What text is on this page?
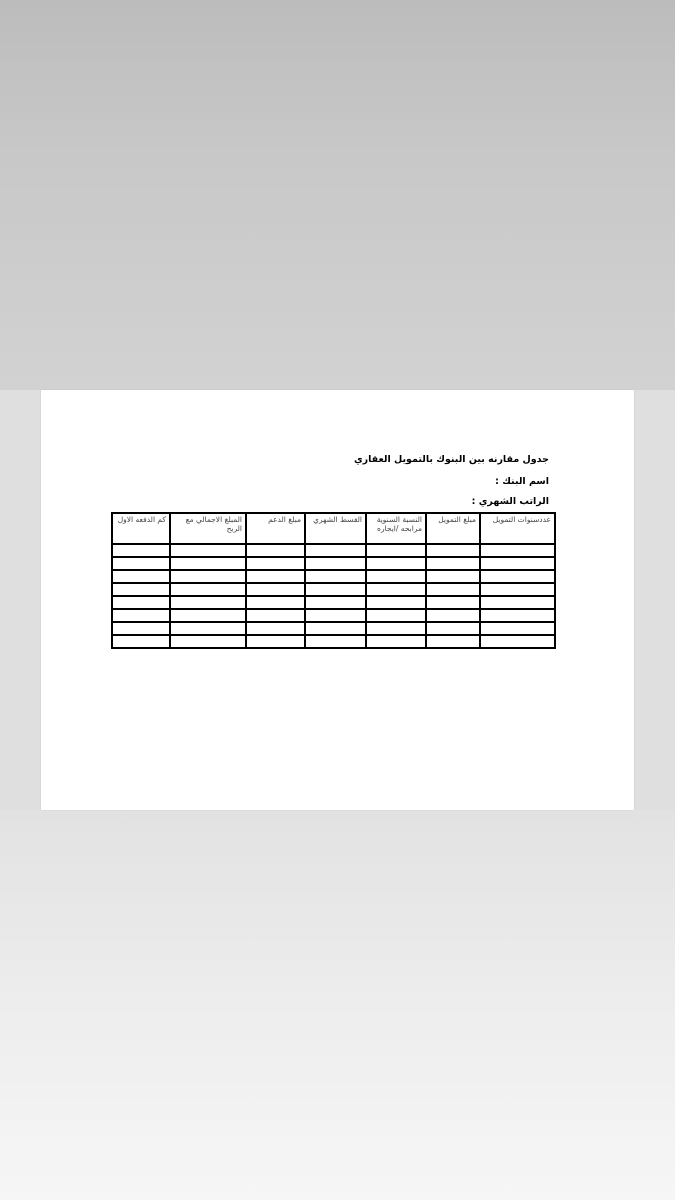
جدول مقارنه بين البنوك بالتمويل العقاري
اسم البنك :
الراتب الشهري :
عددسنوات التمويل	مبلغ التمويل	النسبة السنوية مرابحه /ايجاره	القسط الشهري	مبلغ الدعم	المبلغ الاجمالي مع الربح	كم الدفعه الاول
